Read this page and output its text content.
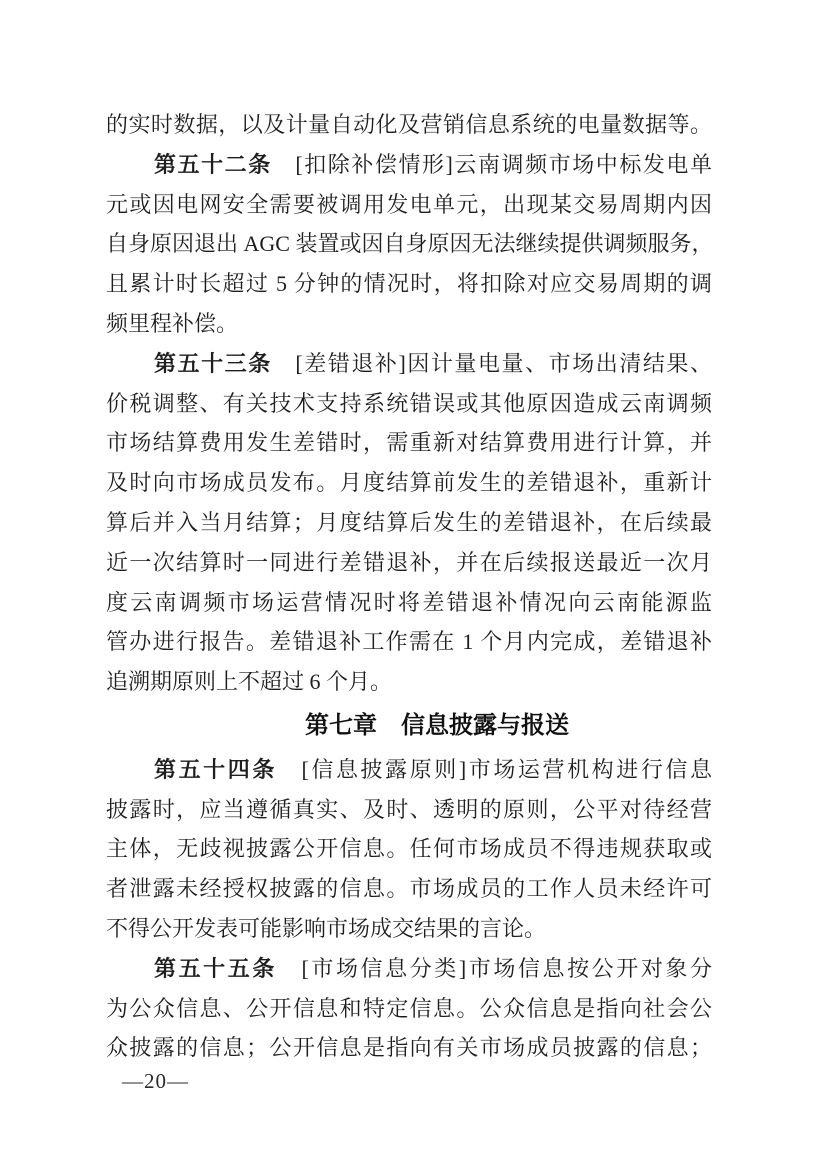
的实时数据，以及计量自动化及营销信息系统的电量数据等。
第五十二条　[扣除补偿情形]云南调频市场中标发电单
元或因电网安全需要被调用发电单元，出现某交易周期内因
自身原因退出 AGC 装置或因自身原因无法继续提供调频服务，
且累计时长超过 5 分钟的情况时，将扣除对应交易周期的调
频里程补偿。
第五十三条　[差错退补]因计量电量、市场出清结果、
价税调整、有关技术支持系统错误或其他原因造成云南调频
市场结算费用发生差错时，需重新对结算费用进行计算，并
及时向市场成员发布。月度结算前发生的差错退补，重新计
算后并入当月结算；月度结算后发生的差错退补，在后续最
近一次结算时一同进行差错退补，并在后续报送最近一次月
度云南调频市场运营情况时将差错退补情况向云南能源监
管办进行报告。差错退补工作需在 1 个月内完成，差错退补
追溯期原则上不超过 6 个月。
第七章　信息披露与报送
第五十四条　[信息披露原则]市场运营机构进行信息
披露时，应当遵循真实、及时、透明的原则，公平对待经营
主体，无歧视披露公开信息。任何市场成员不得违规获取或
者泄露未经授权披露的信息。市场成员的工作人员未经许可
不得公开发表可能影响市场成交结果的言论。
第五十五条　[市场信息分类]市场信息按公开对象分
为公众信息、公开信息和特定信息。公众信息是指向社会公
众披露的信息；公开信息是指向有关市场成员披露的信息；
—20—
